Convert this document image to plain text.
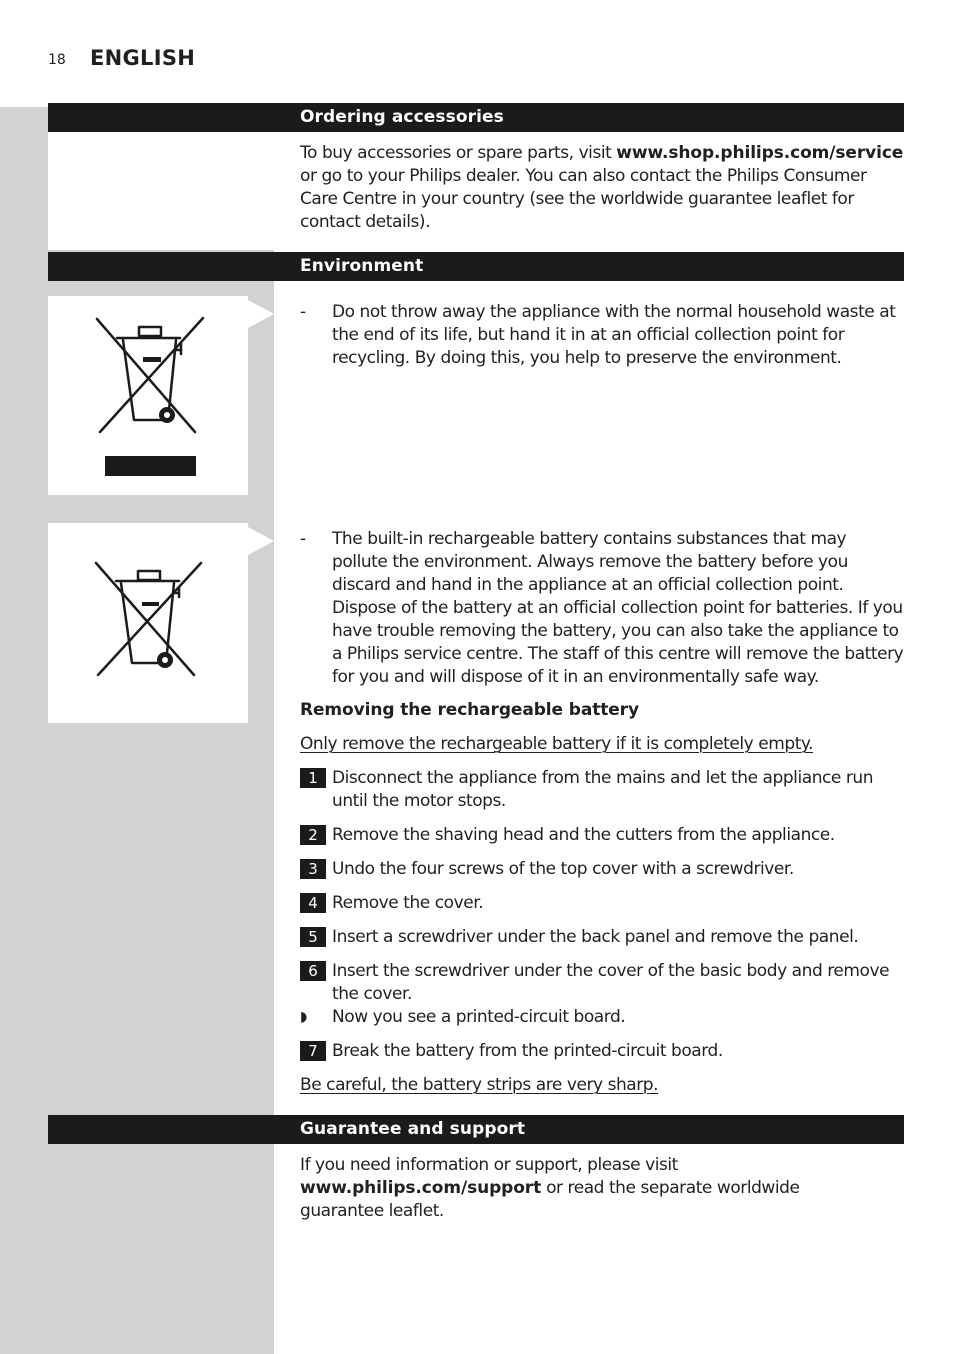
18 ENGLISH
Ordering accessories

To buy accessories or spare parts, visit www.shop.philips.com/service or go to your Philips dealer. You can also contact the Philips Consumer Care Centre in your country (see the worldwide guarantee leaflet for contact details).

Environment

- Do not throw away the appliance with the normal household waste at the end of its life, but hand it in at an official collection point for recycling. By doing this, you help to preserve the environment.

- The built-in rechargeable battery contains substances that may pollute the environment. Always remove the battery before you discard and hand in the appliance at an official collection point. Dispose of the battery at an official collection point for batteries. If you have trouble removing the battery, you can also take the appliance to a Philips service centre. The staff of this centre will remove the battery for you and will dispose of it in an environmentally safe way.

Removing the rechargeable battery

Only remove the rechargeable battery if it is completely empty.

1 Disconnect the appliance from the mains and let the appliance run until the motor stops.
2 Remove the shaving head and the cutters from the appliance.
3 Undo the four screws of the top cover with a screwdriver.
4 Remove the cover.
5 Insert a screwdriver under the back panel and remove the panel.
6 Insert the screwdriver under the cover of the basic body and remove the cover.
◗	Now you see a printed-circuit board.
7 Break the battery from the printed-circuit board.

Be careful, the battery strips are very sharp.

Guarantee and support

If you need information or support, please visit www.philips.com/support or read the separate worldwide guarantee leaflet.
